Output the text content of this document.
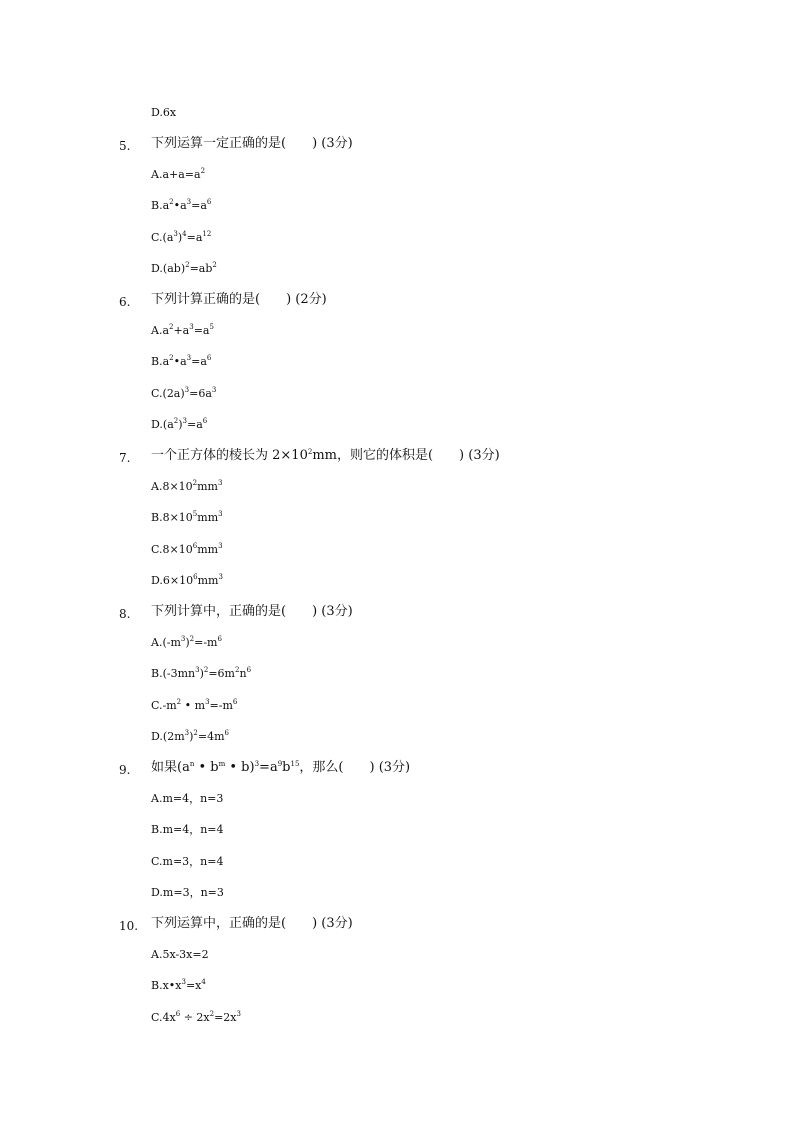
D.6x
5. 下列运算一定正确的是(　　) (3分)
$A.a+a=a^2$
$B.a^2•a^3=a^6$
$C.(a^3)^4=a^{12}$
$D.(ab)^2=ab^2$
6. 下列计算正确的是(　　) (2分)
$A.a^2+a^3=a^5$
$B.a^2•a^3=a^6$
$C.(2a)^3=6a^3$
$D.(a^2)^3=a^6$
7. 一个正方体的棱长为 $2\times 10^2mm$，则它的体积是(　　) (3分)
$A.8\times 10^2mm^3$
$B.8\times 10^5mm^3$
$C.8\times 10^6mm^3$
$D.6\times 10^6mm^3$
8. 下列计算中，正确的是(　　) (3分)
$A.(-m^3)^2=-m^6$
$B.(-3mn^3)^2=6m^2n^6$
$C.-m^2$ • $m^3=-m^6$
$D.(2m^3)^2=4m^6$
9. 如果($a^n$ • $b^m$ • $b)^3=a^9b^{15}$，那么(　　) (3分)
A.m=4，n=3
B.m=4，n=4
C.m=3，n=4
D.m=3，n=3
10. 下列运算中，正确的是(　　) (3分)
A.5x-3x=2
$B.x•x^3=x^4$
$C.4x^6 \div 2x^2=2x^3$
